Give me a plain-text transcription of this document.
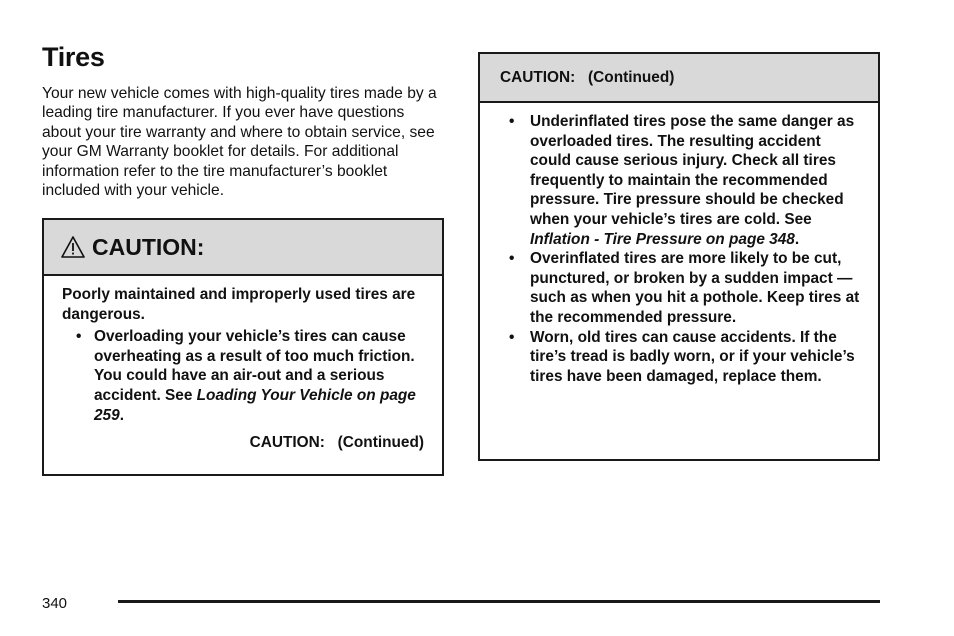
Tires

Your new vehicle comes with high-quality tires made by a leading tire manufacturer. If you ever have questions about your tire warranty and where to obtain service, see your GM Warranty booklet for details. For additional information refer to the tire manufacturer’s booklet included with your vehicle.

CAUTION:
Poorly maintained and improperly used tires are dangerous.
• Overloading your vehicle’s tires can cause overheating as a result of too much friction. You could have an air-out and a serious accident. See Loading Your Vehicle on page 259.
CAUTION:   (Continued)
CAUTION:   (Continued)
• Underinflated tires pose the same danger as overloaded tires. The resulting accident could cause serious injury. Check all tires frequently to maintain the recommended pressure. Tire pressure should be checked when your vehicle’s tires are cold. See Inflation - Tire Pressure on page 348.
• Overinflated tires are more likely to be cut, punctured, or broken by a sudden impact — such as when you hit a pothole. Keep tires at the recommended pressure.
• Worn, old tires can cause accidents. If the tire’s tread is badly worn, or if your vehicle’s tires have been damaged, replace them.
340
